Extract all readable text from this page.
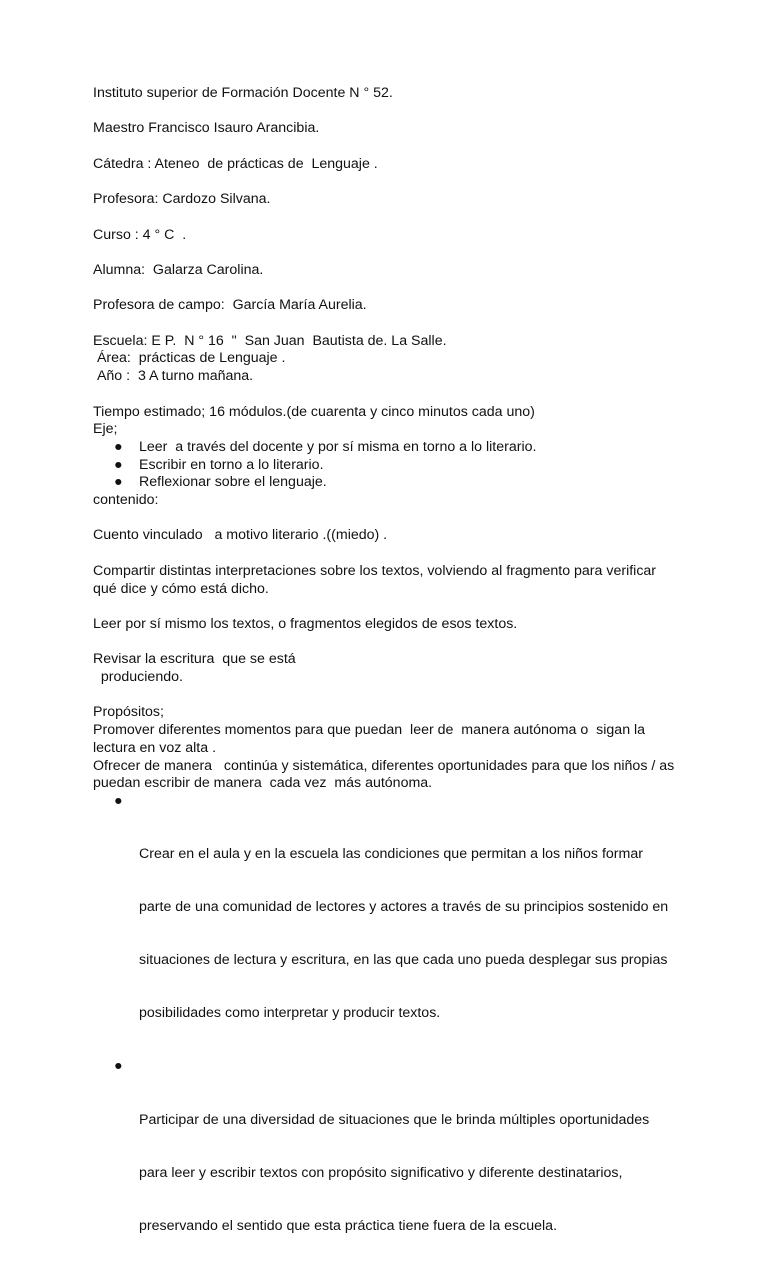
Instituto superior de Formación Docente N ° 52.

Maestro Francisco Isauro Arancibia.

Cátedra : Ateneo  de prácticas de  Lenguaje .

Profesora: Cardozo Silvana.

Curso : 4 ° C  .

Alumna:  Galarza Carolina.

Profesora de campo:  García María Aurelia.

Escuela: E P.  N ° 16  "  San Juan  Bautista de. La Salle.

Área:  prácticas de Lenguaje .

Año :  3 A turno mañana.

Tiempo estimado; 16 módulos.(de cuarenta y cinco minutos cada uno)

Eje;

● Leer  a través del docente y por sí misma en torno a lo literario.
● Escribir en torno a lo literario.
● Reflexionar sobre el lenguaje.

contenido:

Cuento vinculado   a motivo literario .((miedo) .

Compartir distintas interpretaciones sobre los textos, volviendo al fragmento para verificar

qué dice y cómo está dicho.

Leer por sí mismo los textos, o fragmentos elegidos de esos textos.

Revisar la escritura  que se está

produciendo.

Propósitos;

Promover diferentes momentos para que puedan  leer de  manera autónoma o  sigan la

lectura en voz alta .

Ofrecer de manera   continúa y sistemática, diferentes oportunidades para que los niños / as

puedan escribir de manera  cada vez  más autónoma.

●

Crear en el aula y en la escuela las condiciones que permitan a los niños formar

parte de una comunidad de lectores y actores a través de su principios sostenido en

situaciones de lectura y escritura, en las que cada uno pueda desplegar sus propias

posibilidades como interpretar y producir textos.

●

Participar de una diversidad de situaciones que le brinda múltiples oportunidades

para leer y escribir textos con propósito significativo y diferente destinatarios,

preservando el sentido que esta práctica tiene fuera de la escuela.
